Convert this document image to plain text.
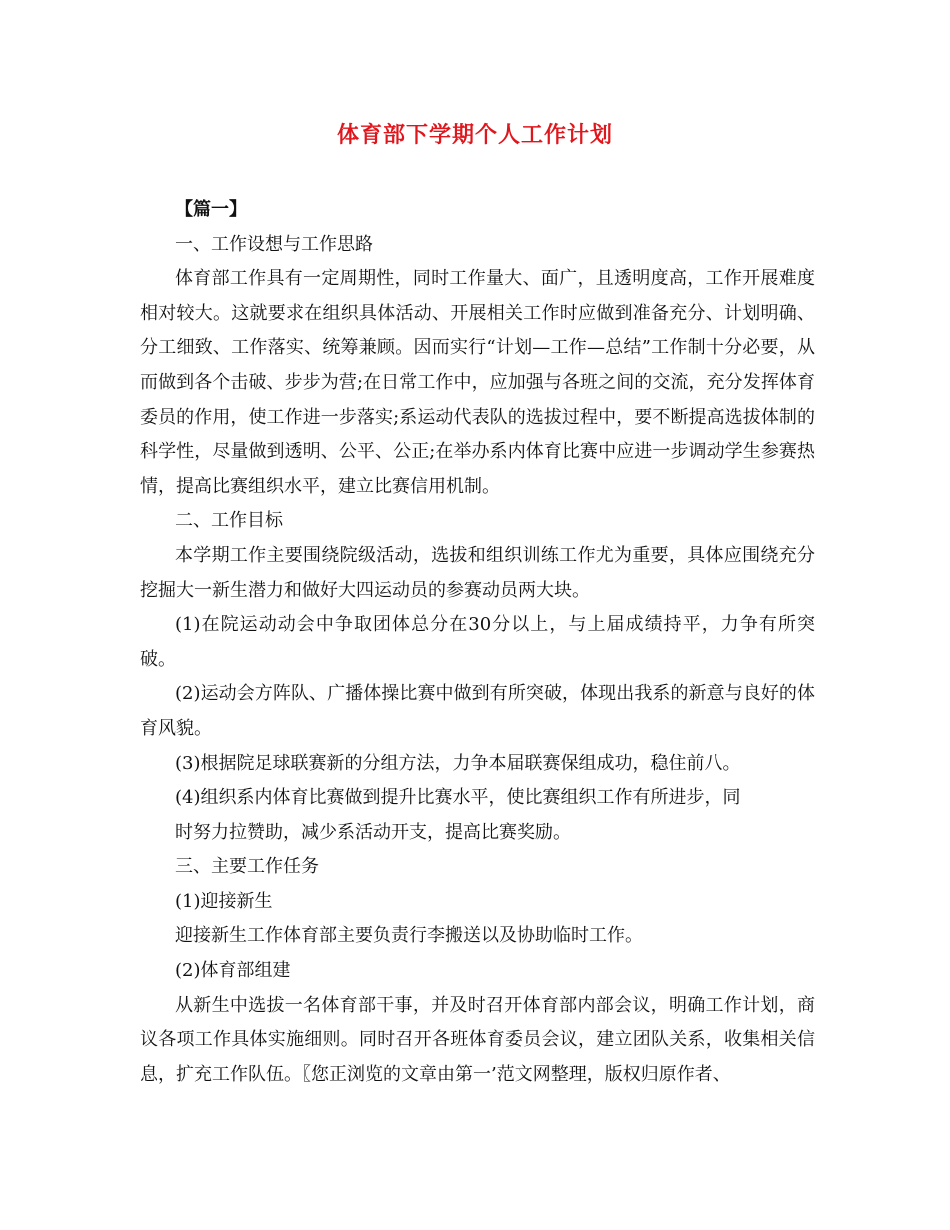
体育部下学期个人工作计划

【篇一】

一、工作设想与工作思路

体育部工作具有一定周期性，同时工作量大、面广，且透明度高，工作开展难度相对较大。这就要求在组织具体活动、开展相关工作时应做到准备充分、计划明确、分工细致、工作落实、统筹兼顾。因而实行“计划—工作—总结”工作制十分必要，从而做到各个击破、步步为营;在日常工作中，应加强与各班之间的交流，充分发挥体育委员的作用，使工作进一步落实;系运动代表队的选拔过程中，要不断提高选拔体制的科学性，尽量做到透明、公平、公正;在举办系内体育比赛中应进一步调动学生参赛热情，提高比赛组织水平，建立比赛信用机制。

二、工作目标

本学期工作主要围绕院级活动，选拔和组织训练工作尤为重要，具体应围绕充分挖掘大一新生潜力和做好大四运动员的参赛动员两大块。

(1)在院运动动会中争取团体总分在30分以上，与上届成绩持平，力争有所突破。

(2)运动会方阵队、广播体操比赛中做到有所突破，体现出我系的新意与良好的体育风貌。

(3)根据院足球联赛新的分组方法，力争本届联赛保组成功，稳住前八。

(4)组织系内体育比赛做到提升比赛水平，使比赛组织工作有所进步，同

时努力拉赞助，减少系活动开支，提高比赛奖励。

三、主要工作任务

(1)迎接新生

迎接新生工作体育部主要负责行李搬送以及协助临时工作。

(2)体育部组建

从新生中选拔一名体育部干事，并及时召开体育部内部会议，明确工作计划，商议各项工作具体实施细则。同时召开各班体育委员会议，建立团队关系，收集相关信息，扩充工作队伍。〖您正浏览的文章由第一’范文网整理，版权归原作者、
